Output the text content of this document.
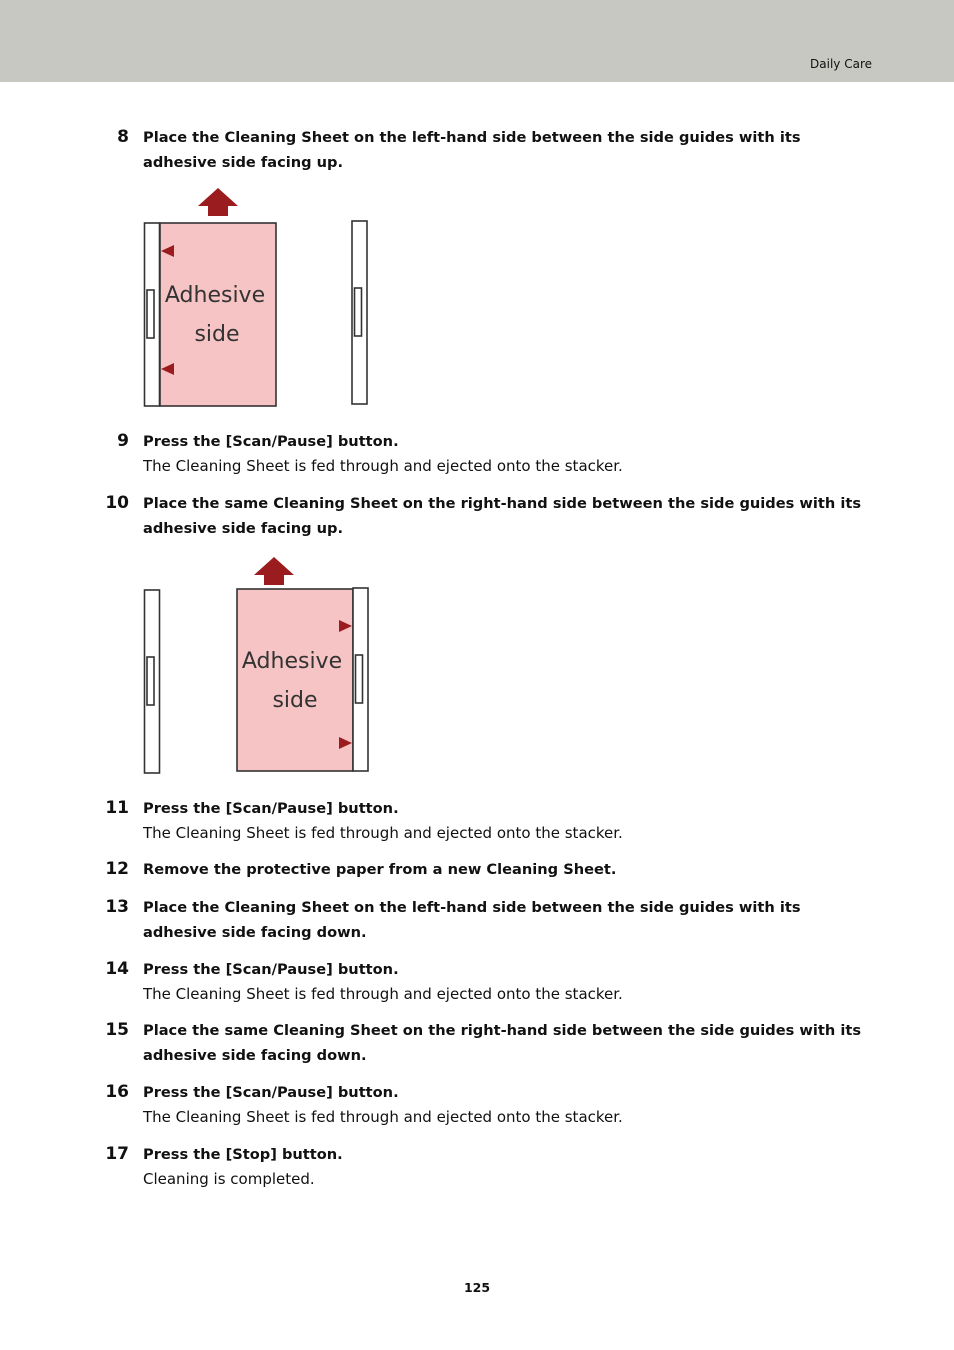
Daily Care
8 Place the Cleaning Sheet on the left-hand side between the side guides with its adhesive side facing up.
Adhesive
side
9 Press the [Scan/Pause] button.
The Cleaning Sheet is fed through and ejected onto the stacker.
10 Place the same Cleaning Sheet on the right-hand side between the side guides with its adhesive side facing up.
Adhesive
side
11 Press the [Scan/Pause] button.
The Cleaning Sheet is fed through and ejected onto the stacker.
12 Remove the protective paper from a new Cleaning Sheet.
13 Place the Cleaning Sheet on the left-hand side between the side guides with its adhesive side facing down.
14 Press the [Scan/Pause] button.
The Cleaning Sheet is fed through and ejected onto the stacker.
15 Place the same Cleaning Sheet on the right-hand side between the side guides with its adhesive side facing down.
16 Press the [Scan/Pause] button.
The Cleaning Sheet is fed through and ejected onto the stacker.
17 Press the [Stop] button.
Cleaning is completed.
125
